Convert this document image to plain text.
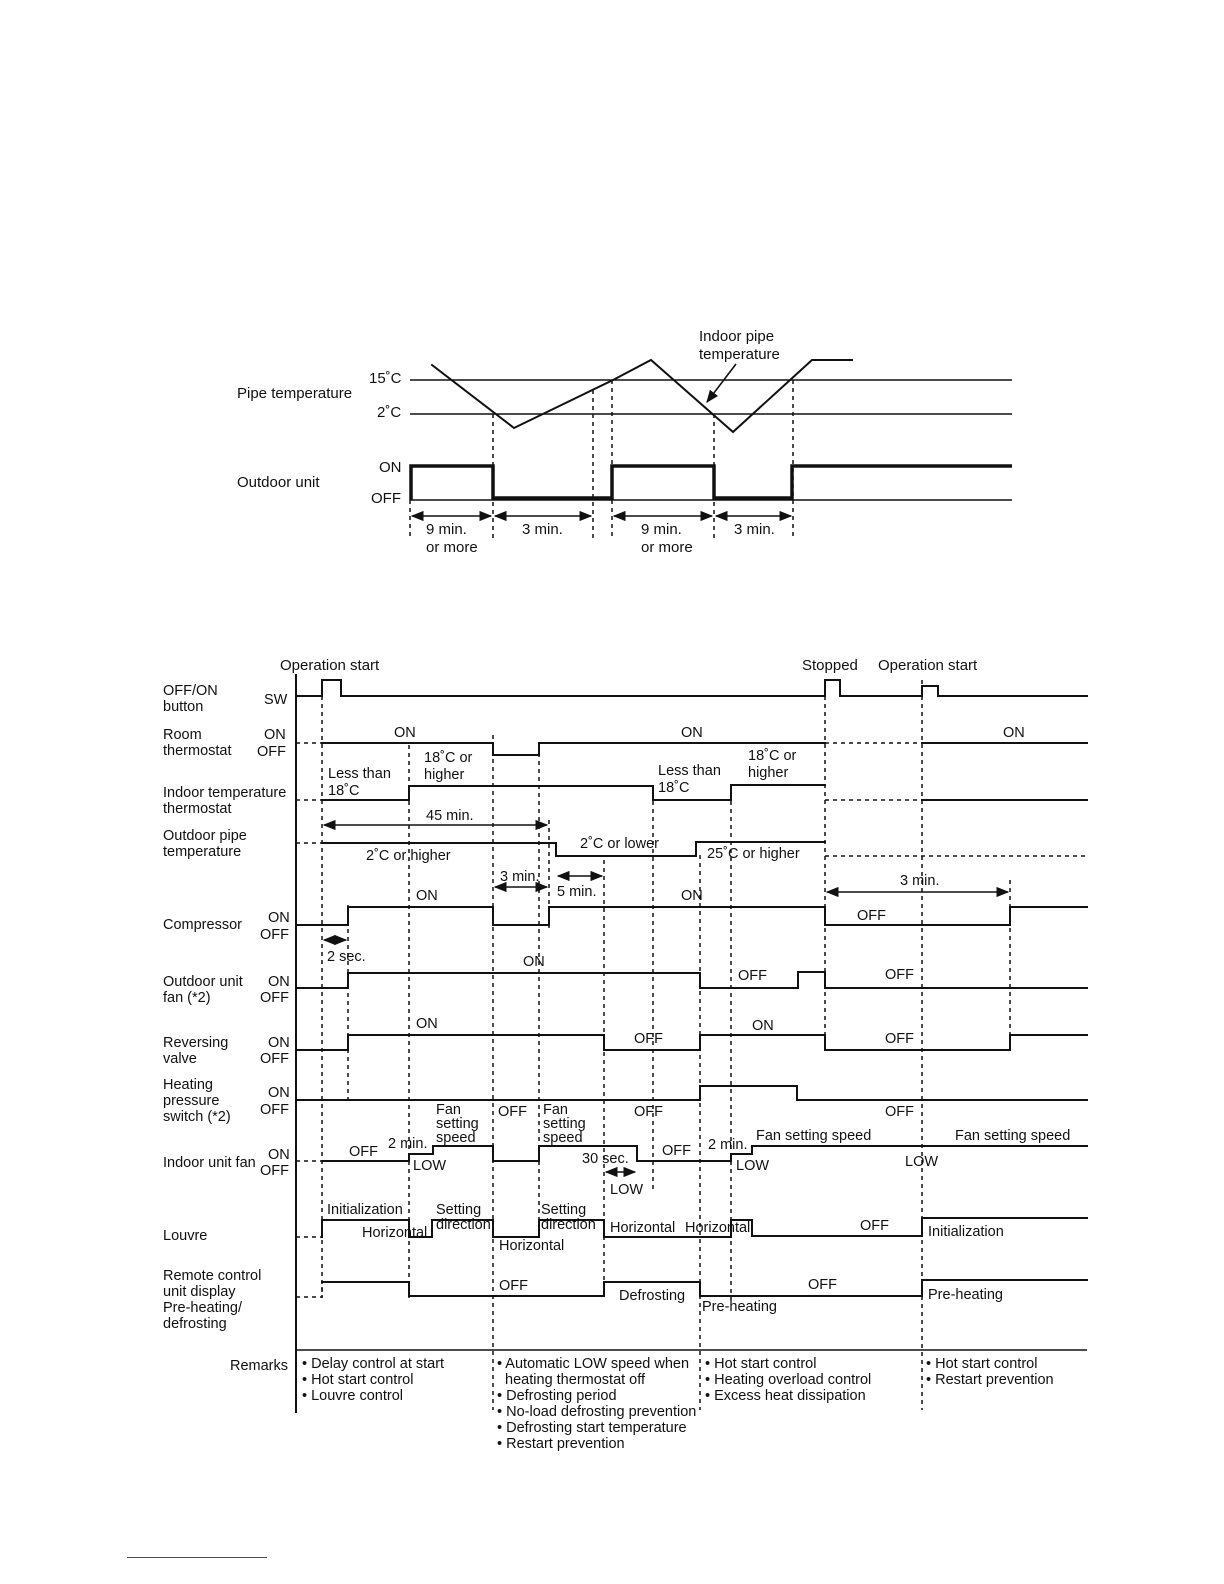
Pipe temperature
15˚C
2˚C
Outdoor unit
ON
OFF
Indoor pipe
temperature
9 min.
or more
3 min.	9 min.
or more
3 min.
Operation start	Stopped Operation start
OFF/ON
button	SW
Room
thermostat
ON
OFF
ON	ON	ON
Indoor temperature
thermostat
Less than
18˚C
18˚C or
higher	Less than
18˚C
18˚C or
higher
45 min.
Outdoor pipe
temperature	2˚C or higher
2˚C or lower
25˚C or higher
3 min.
5 min.
3 min.
Compressor ON
OFF
ON	ON
OFF
2 sec.
Outdoor unit
fan (*2)
ON
OFF
ON
OFF	OFF
Reversing
valve
ON
OFF
ON
OFF
ON
OFF
Heating
pressure
switch (*2)
ON
OFF	OFF	OFF	OFF
Indoor unit fan ON
OFF
OFF 2 min.
LOW
Fan
setting
speed
Fan
setting
speed
30 sec.
LOW
OFF 2 min.
LOW
Fan setting speed	Fan setting speed
LOW
Louvre
Initialization
Horizontal
Setting
direction
Horizontal
Setting
direction Horizontal Horizontal	OFF	Initialization
Remote control
unit display
Pre-heating/
defrosting
OFF
Defrosting
Pre-heating
OFF
Pre-heating
Remarks • Delay control at start
• Hot start control
• Louvre control
• Automatic LOW speed when
heating thermostat off
• Defrosting period
• No-load defrosting prevention
• Defrosting start temperature
• Restart prevention
• Hot start control
• Heating overload control
• Excess heat dissipation
• Hot start control
• Restart prevention
